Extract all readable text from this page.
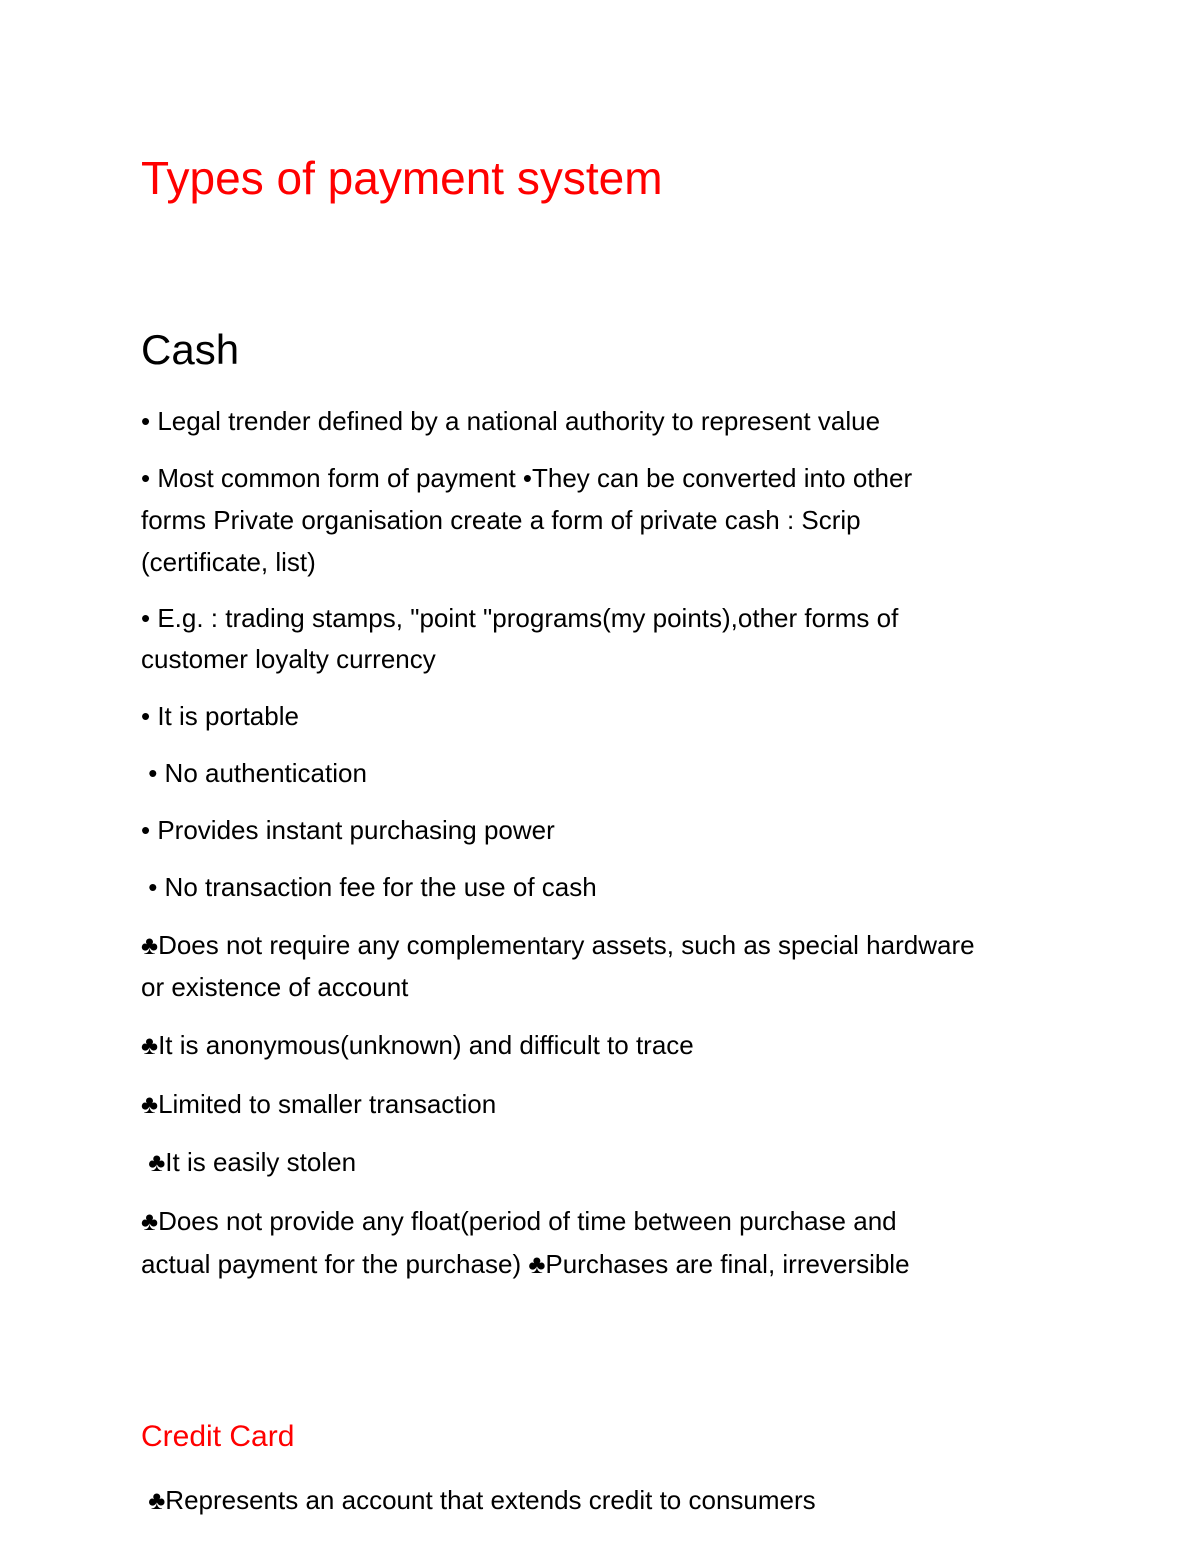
Types of payment system
Cash

• Legal trender defined by a national authority to represent value

• Most common form of payment •They can be converted into other

forms Private organisation create a form of private cash : Scrip

(certificate, list)

• E.g. : trading stamps, "point "programs(my points),other forms of

customer loyalty currency

• It is portable

• No authentication

• Provides instant purchasing power

• No transaction fee for the use of cash

♣Does not require any complementary assets, such as special hardware

or existence of account

♣It is anonymous(unknown) and difficult to trace

♣Limited to smaller transaction

♣It is easily stolen

♣Does not provide any float(period of time between purchase and

actual payment for the purchase) ♣Purchases are final, irreversible

Credit Card

♣Represents an account that extends credit to consumers
